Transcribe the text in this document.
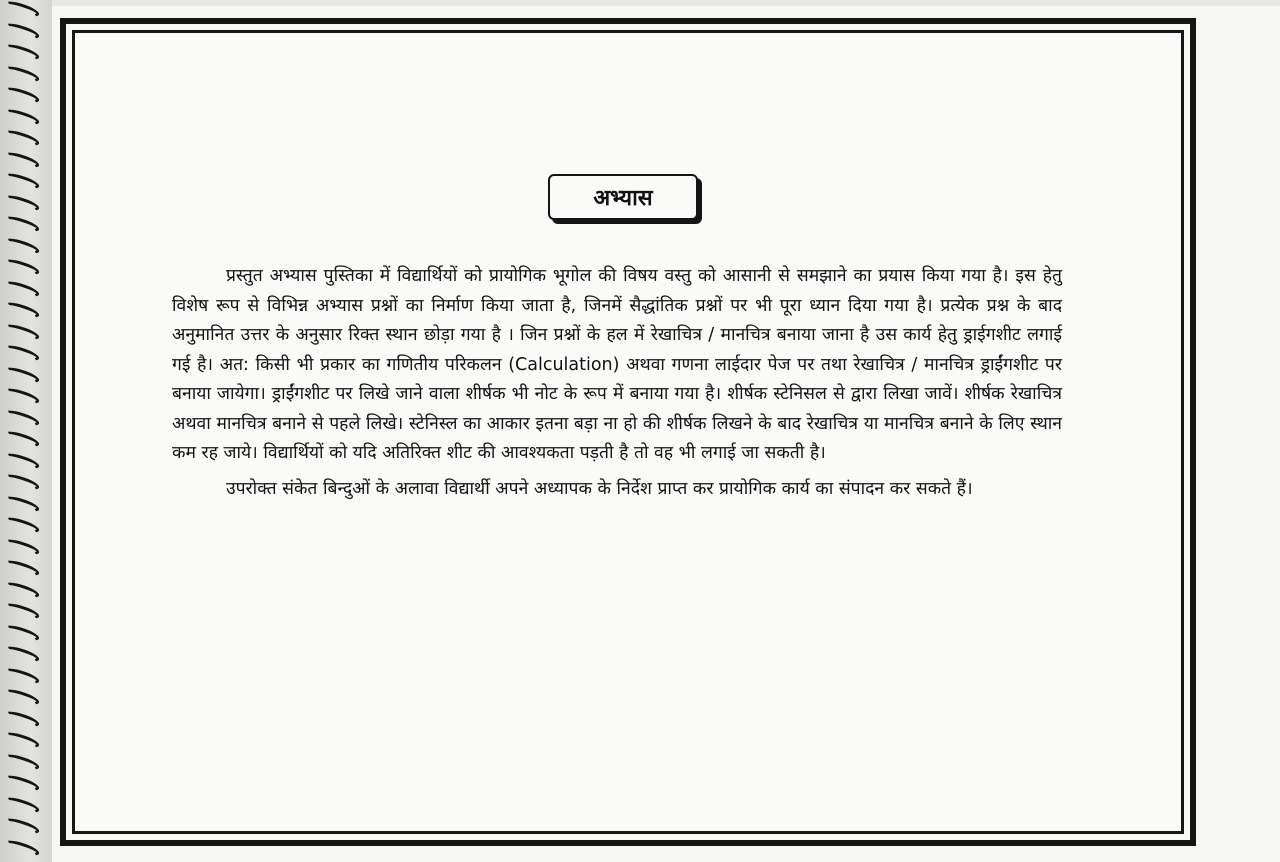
अभ्यास

प्रस्तुत अभ्यास पुस्तिका में विद्यार्थियों को प्रायोगिक भूगोल की विषय वस्तु को आसानी से समझाने का प्रयास किया गया है। इस हेतु विशेष रूप से विभिन्न अभ्यास प्रश्नों का निर्माण किया जाता है, जिनमें सैद्धांतिक प्रश्नों पर भी पूरा ध्यान दिया गया है। प्रत्येक प्रश्न के बाद अनुमानित उत्तर के अनुसार रिक्त स्थान छोड़ा गया है । जिन प्रश्नों के हल में रेखाचित्र / मानचित्र बनाया जाना है उस कार्य हेतु ड्राईगशीट लगाई गई है। अत: किसी भी प्रकार का गणितीय परिकलन (Calculation) अथवा गणना लाईदार पेज पर तथा रेखाचित्र / मानचित्र ड्राईंगशीट पर बनाया जायेगा। ड्राईंगशीट पर लिखे जाने वाला शीर्षक भी नोट के रूप में बनाया गया है। शीर्षक स्टेनिसल से द्वारा लिखा जावें। शीर्षक रेखाचित्र अथवा मानचित्र बनाने से पहले लिखे। स्टेनिस्ल का आकार इतना बड़ा ना हो की शीर्षक लिखने के बाद रेखाचित्र या मानचित्र बनाने के लिए स्थान कम रह जाये। विद्यार्थियों को यदि अतिरिक्त शीट की आवश्यकता पड़ती है तो वह भी लगाई जा सकती है।

उपरोक्त संकेत बिन्दुओं के अलावा विद्यार्थी अपने अध्यापक के निर्देश प्राप्त कर प्रायोगिक कार्य का संपादन कर सकते हैं।
